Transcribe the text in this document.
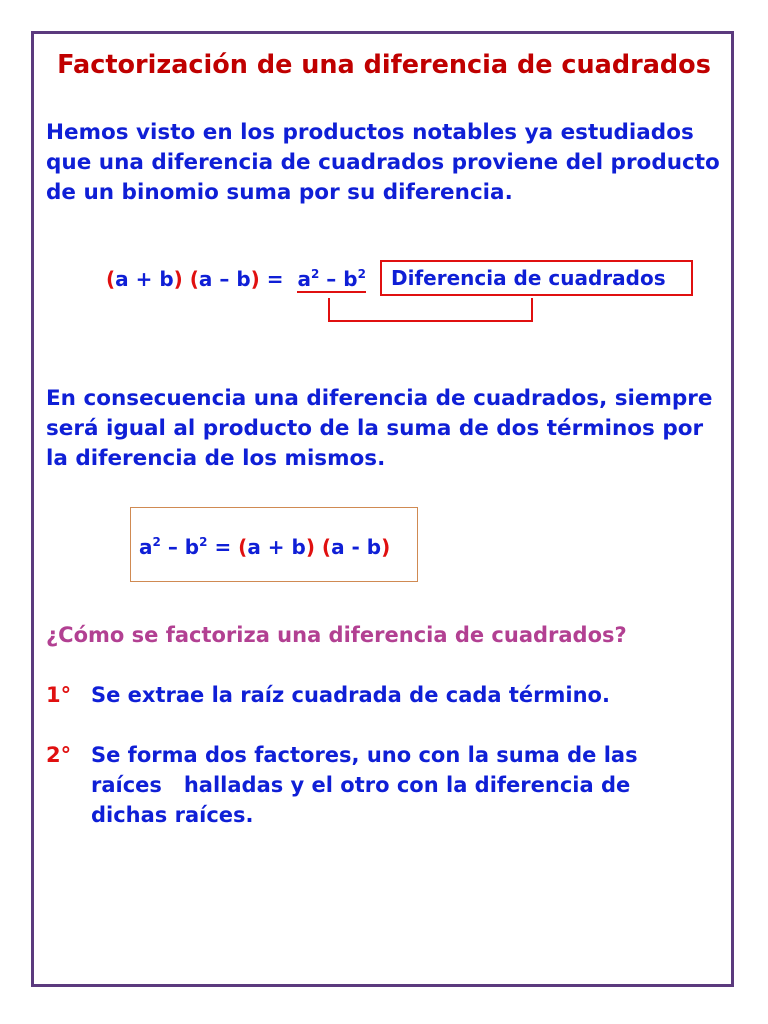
Factorización de una diferencia de cuadrados
Hemos visto en los productos notables ya estudiados
que una diferencia de cuadrados proviene del producto
de un binomio suma por su diferencia.
(a + b) $(a - b) = a^2 - b^2$	Diferencia de cuadrados
En consecuencia una diferencia de cuadrados, siempre
será igual al producto de la suma de dos términos por
la diferencia de los mismos.
$a^2 - b^2 = (a + b)$ (a - b)
¿Cómo se factoriza una diferencia de cuadrados?
1° Se extrae la raíz cuadrada de cada término.
2° Se forma dos factores, uno con la suma de las
raíces   halladas y el otro con la diferencia de
dichas raíces.
